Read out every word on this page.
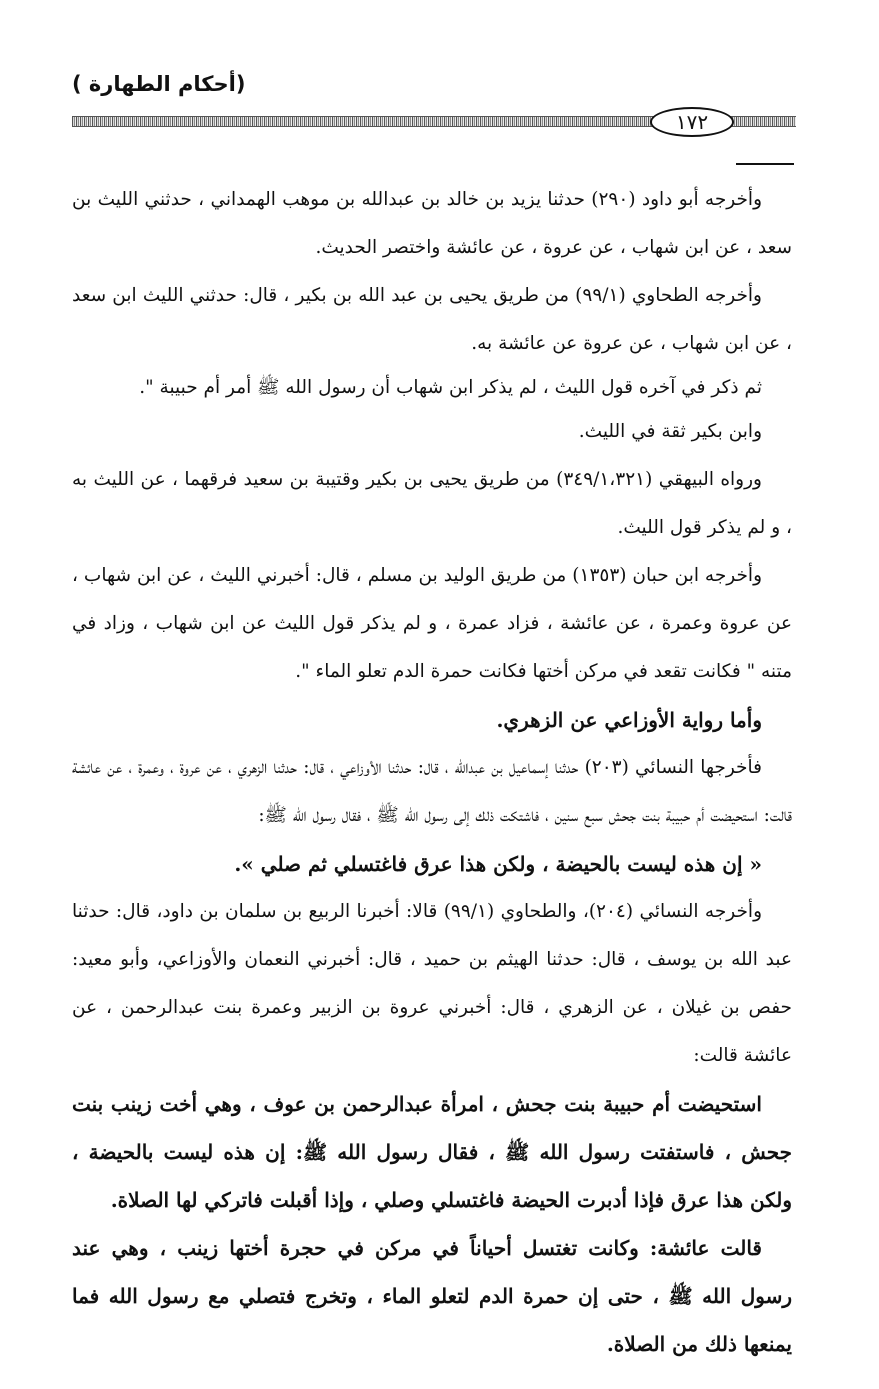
(أحكام الطهارة )
١٧٢

وأخرجه أبو داود (٢٩٠) حدثنا يزيد بن خالد بن عبدالله بن موهب الهمداني ، حدثني الليث بن سعد ، عن ابن شهاب ، عن عروة ، عن عائشة واختصر الحديث.

وأخرجه الطحاوي (٩٩/١) من طريق يحيى بن عبد الله بن بكير ، قال: حدثني الليث ابن سعد ، عن ابن شهاب ، عن عروة عن عائشة به.

ثم ذكر في آخره قول الليث ، لم يذكر ابن شهاب أن رسول الله ﷺ أمر أم حبيبة ".

وابن بكير ثقة في الليث.

ورواه البيهقي (٣٤٩/١،٣٢١) من طريق يحيى بن بكير وقتيبة بن سعيد فرقهما ، عن الليث به ، و لم يذكر قول الليث.

وأخرجه ابن حبان (١٣٥٣) من طريق الوليد بن مسلم ، قال: أخبرني الليث ، عن ابن شهاب ، عن عروة وعمرة ، عن عائشة ، فزاد عمرة ، و لم يذكر قول الليث عن ابن شهاب ، وزاد في متنه " فكانت تقعد في مركن أختها فكانت حمرة الدم تعلو الماء ".

وأما رواية الأوزاعي عن الزهري.

فأخرجها النسائي (٢٠٣) حدثنا إسماعيل بن عبدالله ، قال: حدثنا الأوزاعي ، قال: حدثنا الزهري ، عن عروة ، وعمرة ، عن عائشة قالت: استحيضت أم حبيبة بنت جحش سبع سنين ، فاشتكت ذلك إلى رسول الله ﷺ ، فقال رسول الله ﷺ:

« إن هذه ليست بالحيضة ، ولكن هذا عرق فاغتسلي ثم صلي ».

وأخرجه النسائي (٢٠٤)، والطحاوي (٩٩/١) قالا: أخبرنا الربيع بن سلمان بن داود، قال: حدثنا عبد الله بن يوسف ، قال: حدثنا الهيثم بن حميد ، قال: أخبرني النعمان والأوزاعي، وأبو معيد: حفص بن غيلان ، عن الزهري ، قال: أخبرني عروة بن الزبير وعمرة بنت عبدالرحمن ، عن عائشة قالت:

استحيضت أم حبيبة بنت جحش ، امرأة عبدالرحمن بن عوف ، وهي أخت زينب بنت جحش ، فاستفتت رسول الله ﷺ ، فقال رسول الله ﷺ: إن هذه ليست بالحيضة ، ولكن هذا عرق فإذا أدبرت الحيضة فاغتسلي وصلي ، وإذا أقبلت فاتركي لها الصلاة.

قالت عائشة: وكانت تغتسل أحياناً في مركن في حجرة أختها زينب ، وهي عند رسول الله ﷺ ، حتى إن حمرة الدم لتعلو الماء ، وتخرج فتصلي مع رسول الله فما يمنعها ذلك من الصلاة.
